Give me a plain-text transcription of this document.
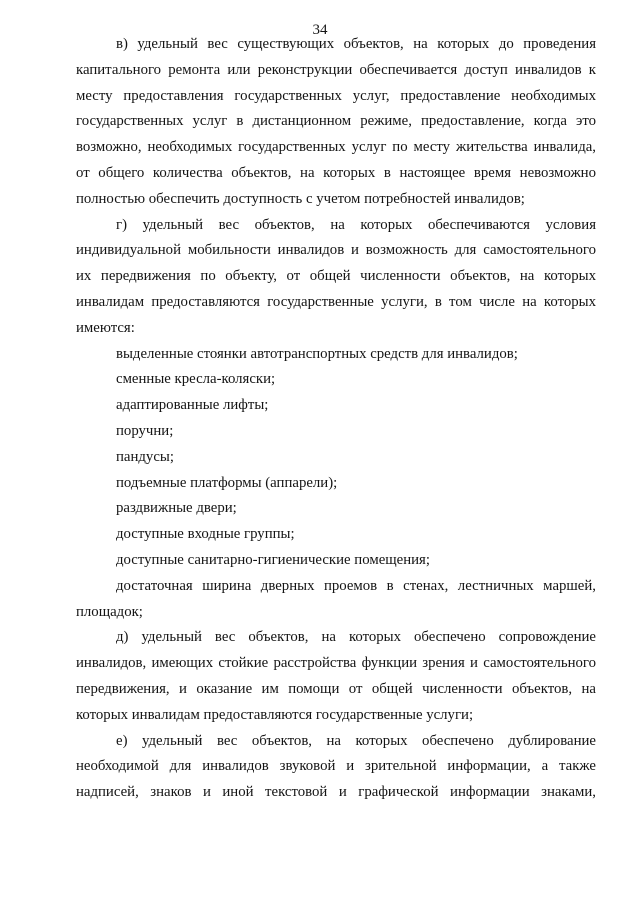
34
в) удельный вес существующих объектов, на которых до проведения
капитального ремонта или реконструкции обеспечивается доступ инвалидов к
месту предоставления государственных услуг, предоставление необходимых
государственных услуг в дистанционном режиме, предоставление, когда это
возможно, необходимых государственных услуг по месту жительства инвалида,
от общего количества объектов, на которых в настоящее время невозможно
полностью обеспечить доступность с учетом потребностей инвалидов;
г) удельный вес объектов, на которых обеспечиваются условия
индивидуальной мобильности инвалидов и возможность для самостоятельного
их передвижения по объекту, от общей численности объектов, на которых
инвалидам предоставляются государственные услуги, в том числе на которых
имеются:
выделенные стоянки автотранспортных средств для инвалидов;
сменные кресла-коляски;
адаптированные лифты;
поручни;
пандусы;
подъемные платформы (аппарели);
раздвижные двери;
доступные входные группы;
доступные санитарно-гигиенические помещения;
достаточная ширина дверных проемов в стенах, лестничных маршей,
площадок;
д) удельный вес объектов, на которых обеспечено сопровождение
инвалидов, имеющих стойкие расстройства функции зрения и самостоятельного
передвижения, и оказание им помощи от общей численности объектов, на
которых инвалидам предоставляются государственные услуги;
е) удельный вес объектов, на которых обеспечено дублирование
необходимой для инвалидов звуковой и зрительной информации, а также
надписей, знаков и иной текстовой и графической информации знаками,
